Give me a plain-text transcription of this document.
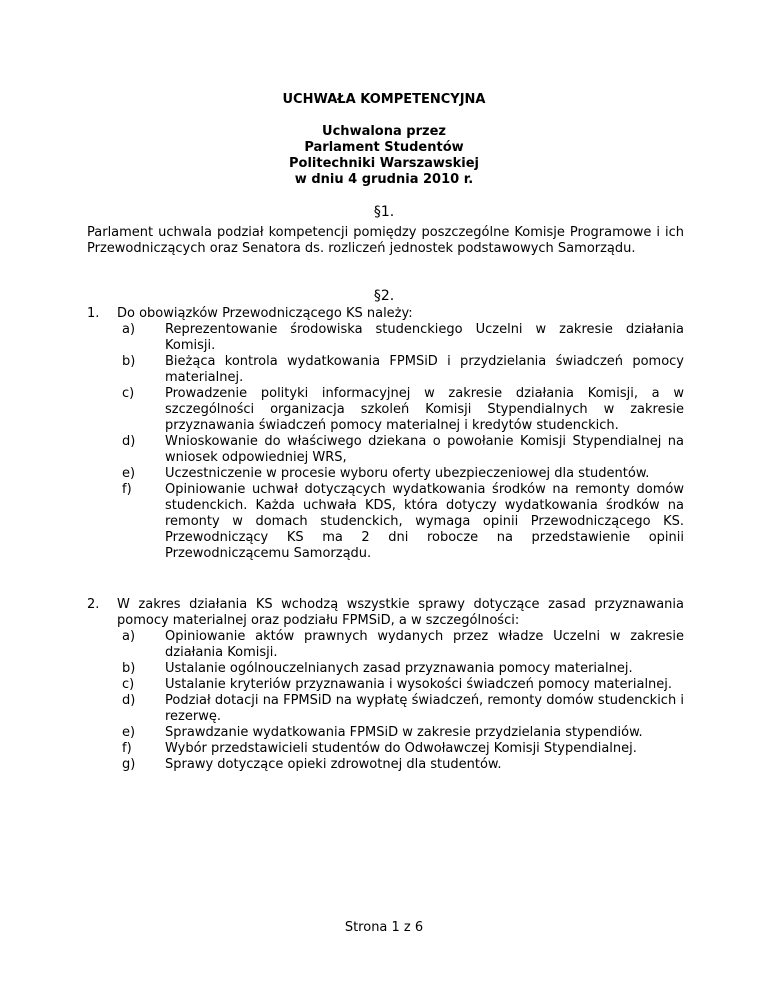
UCHWAŁA KOMPETENCYJNA
Uchwalona przez
Parlament Studentów
Politechniki Warszawskiej
w dniu 4 grudnia 2010 r.
§1.
Parlament uchwala podział kompetencji pomiędzy poszczególne Komisje Programowe i ich Przewodniczących oraz Senatora ds. rozliczeń jednostek podstawowych Samorządu.
§2.
1. Do obowiązków Przewodniczącego KS należy:
a) Reprezentowanie środowiska studenckiego Uczelni w zakresie działania Komisji.
b) Bieżąca kontrola wydatkowania FPMSiD i przydzielania świadczeń pomocy materialnej.
c) Prowadzenie polityki informacyjnej w zakresie działania Komisji, a w szczególności organizacja szkoleń Komisji Stypendialnych w zakresie przyznawania świadczeń pomocy materialnej i kredytów studenckich.
d) Wnioskowanie do właściwego dziekana o powołanie Komisji Stypendialnej na wniosek odpowiedniej WRS,
e) Uczestniczenie w procesie wyboru oferty ubezpieczeniowej dla studentów.
f)	Opiniowanie uchwał dotyczących wydatkowania środków na remonty domów studenckich. Każda uchwała KDS, która dotyczy wydatkowania środków na remonty w domach studenckich, wymaga opinii Przewodniczącego KS. Przewodniczący KS ma 2 dni robocze na przedstawienie opinii Przewodniczącemu Samorządu.
2. W zakres działania KS wchodzą wszystkie sprawy dotyczące zasad przyznawania pomocy materialnej oraz podziału FPMSiD, a w szczególności:
a) Opiniowanie aktów prawnych wydanych przez władze Uczelni w zakresie działania Komisji.
b) Ustalanie ogólnouczelnianych zasad przyznawania pomocy materialnej.
c) Ustalanie kryteriów przyznawania i wysokości świadczeń pomocy materialnej.
d) Podział dotacji na FPMSiD na wypłatę świadczeń, remonty domów studenckich i rezerwę.
e) Sprawdzanie wydatkowania FPMSiD w zakresie przydzielania stypendiów.
f)	Wybór przedstawicieli studentów do Odwoławczej Komisji Stypendialnej.
g) Sprawy dotyczące opieki zdrowotnej dla studentów.
Strona 1 z 6
